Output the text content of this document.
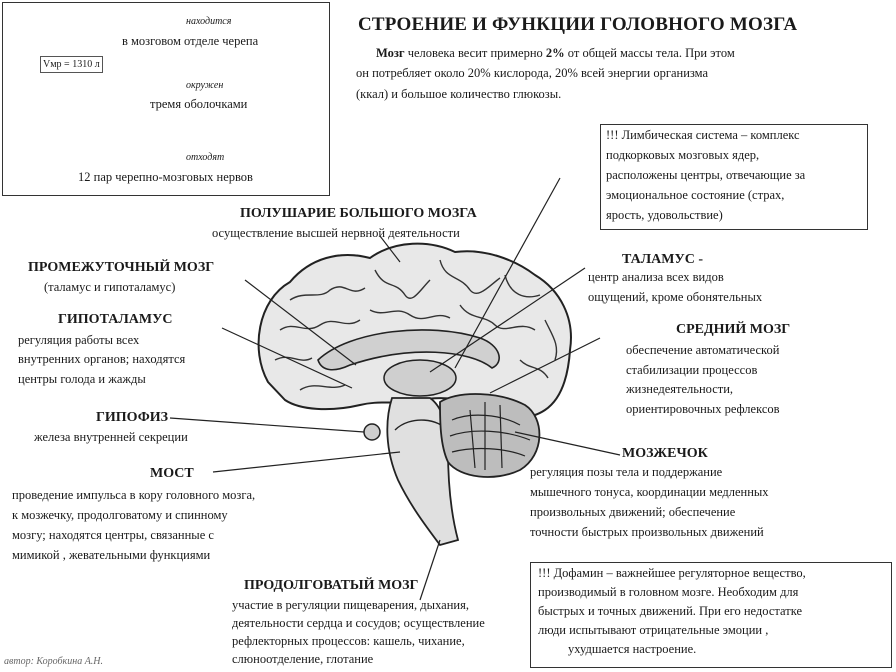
СТРОЕНИЕ И ФУНКЦИИ ГОЛОВНОГО МОЗГА
Мозг человека весит примерно 2% от общей массы тела. При этом
он потребляет около 20% кислорода, 20% всей энергии организма
(ккал) и большое количество глюкозы.
Vмр = 1310 л
находится
в мозговом отделе черепа
окружен
тремя оболочками
отходят
12 пар черепно-мозговых нервов
!!! Лимбическая система – комплекс
подкорковых мозговых ядер,
расположены центры, отвечающие за
эмоциональное состояние (страх,
ярость, удовольствие)
ПОЛУШАРИЕ БОЛЬШОГО МОЗГА
осуществление высшей нервной деятельности
ПРОМЕЖУТОЧНЫЙ МОЗГ
(таламус и гипоталамус)
ГИПОТАЛАМУС
регуляция работы всех
внутренних органов; находятся
центры голода и жажды
ГИПОФИЗ
железа внутренней секреции
МОСТ
проведение импульса в кору головного мозга,
к мозжечку, продолговатому и спинному
мозгу; находятся центры, связанные с
мимикой , жевательными функциями
ПРОДОЛГОВАТЫЙ МОЗГ
участие в регуляции пищеварения, дыхания,
деятельности сердца и сосудов; осуществление
рефлекторных процессов: кашель, чихание,
слюноотделение, глотание
ТАЛАМУС -
центр анализа всех видов
ощущений, кроме обонятельных
СРЕДНИЙ МОЗГ
обеспечение автоматической
стабилизации процессов
жизнедеятельности,
ориентировочных рефлексов
МОЗЖЕЧОК
регуляция позы тела и поддержание
мышечного тонуса, координации медленных
произвольных движений; обеспечение
точности быстрых произвольных движений
!!! Дофамин – важнейшее регуляторное вещество,
производимый в головном мозге. Необходим для
быстрых и точных движений. При его недостатке
люди испытывают отрицательные эмоции ,
ухудшается настроение.
автор: Коробкина А.Н.
